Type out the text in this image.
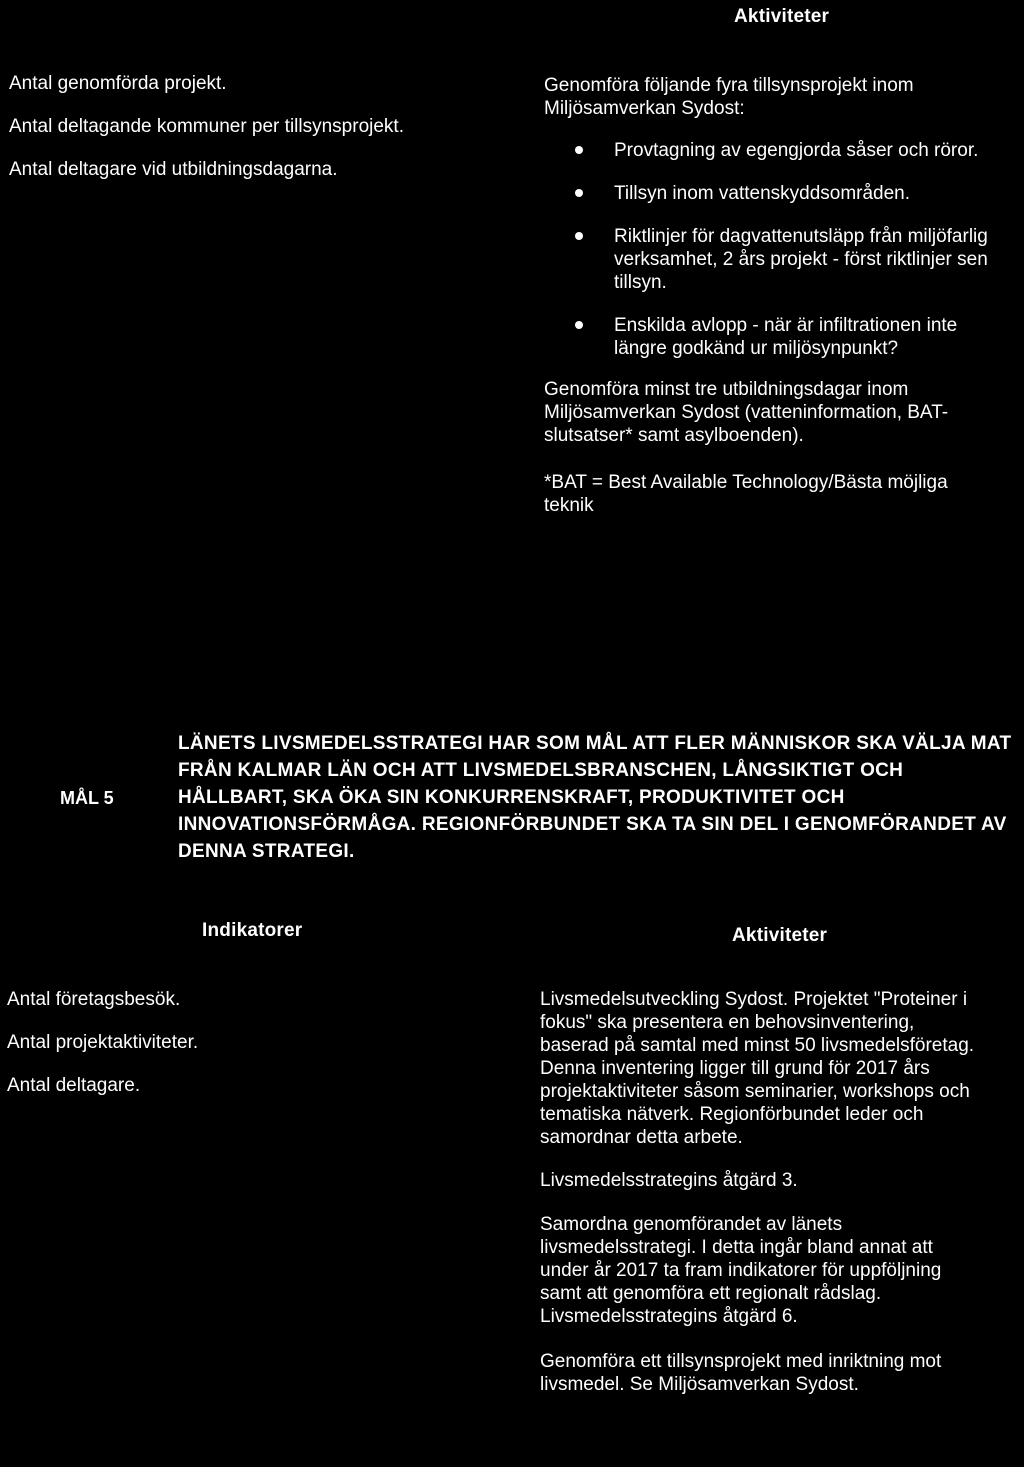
Aktiviteter

Antal genomförda projekt.

Antal deltagande kommuner per tillsynsprojekt.

Antal deltagare vid utbildningsdagarna.

Genomföra följande fyra tillsynsprojekt inom Miljösamverkan Sydost:

Provtagning av egengjorda såser och röror.
Tillsyn inom vattenskyddsområden.
Riktlinjer för dagvattenutsläpp från miljöfarlig verksamhet, 2 års projekt - först riktlinjer sen tillsyn.
Enskilda avlopp - när är infiltrationen inte längre godkänd ur miljösynpunkt?

Genomföra minst tre utbildningsdagar inom Miljösamverkan Sydost (vatteninformation, BAT-slutsatser* samt asylboenden).

*BAT = Best Available Technology/Bästa möjliga teknik

MÅL 5
LÄNETS LIVSMEDELSSTRATEGI HAR SOM MÅL ATT FLER MÄNNISKOR SKA VÄLJA MAT FRÅN KALMAR LÄN OCH ATT LIVSMEDELSBRANSCHEN, LÅNGSIKTIGT OCH HÅLLBART, SKA ÖKA SIN KONKURRENSKRAFT, PRODUKTIVITET OCH INNOVATIONSFÖRMÅGA. REGIONFÖRBUNDET SKA TA SIN DEL I GENOMFÖRANDET AV DENNA STRATEGI.
Indikatorer	Aktiviteter

Antal företagsbesök.

Antal projektaktiviteter.

Antal deltagare.

Livsmedelsutveckling Sydost. Projektet "Proteiner i fokus" ska presentera en behovsinventering, baserad på samtal med minst 50 livsmedelsföretag. Denna inventering ligger till grund för 2017 års projektaktiviteter såsom seminarier, workshops och tematiska nätverk. Regionförbundet leder och samordnar detta arbete.

Livsmedelsstrategins åtgärd 3.

Samordna genomförandet av länets livsmedelsstrategi. I detta ingår bland annat att under år 2017 ta fram indikatorer för uppföljning samt att genomföra ett regionalt rådslag. Livsmedelsstrategins åtgärd 6.

Genomföra ett tillsynsprojekt med inriktning mot livsmedel. Se Miljösamverkan Sydost.
